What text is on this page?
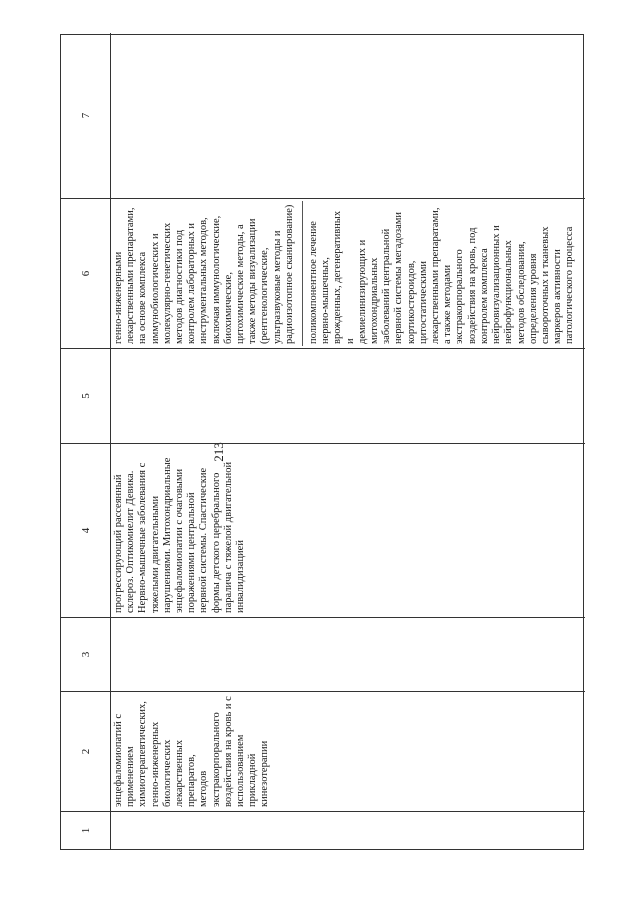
213
1
2
3
4
5
6
7
энцефаломиопатий с
применением
химиотерапевтических,
генно-инженерных
биологических
лекарственных препаратов,
методов
экстракорпорального
воздействия на кровь и с
использованием прикладной
кинезотерапии
прогрессирующий рассеянный
склероз. Оптикомиелит Девика.
Нервно-мышечные заболевания с
тяжелыми двигательными
нарушениями. Митохондриальные
энцефаломиопатии с очаговыми
поражениями центральной
нервной системы. Спастические
формы детского церебрального
паралича с тяжелой двигательной
инвалидизацией
генно-инженерными
лекарственными препаратами,
на основе комплекса
иммунобиологических и
молекулярно-генетических
методов диагностики под
контролем лабораторных и
инструментальных методов,
включая иммунологические,
биохимические,
цитохимические методы, а
также методы визуализации
(рентгенологические,
ультразвуковые методы и
радиоизотопное сканирование)
поликомпонентное лечение
нервно-мышечных,
врожденных, дегенеративных и
демиелинизирующих и
митохондриальных
заболеваний центральной
нервной системы мегадозами
кортикостероидов,
цитостатическими
лекарственными препаратами,
а также методами
экстракорпорального
воздействия на кровь, под
контролем комплекса
нейровизуализационных и
нейрофункциональных
методов обследования,
определения уровня
сывороточных и тканевых
маркеров активности
патологического процесса
